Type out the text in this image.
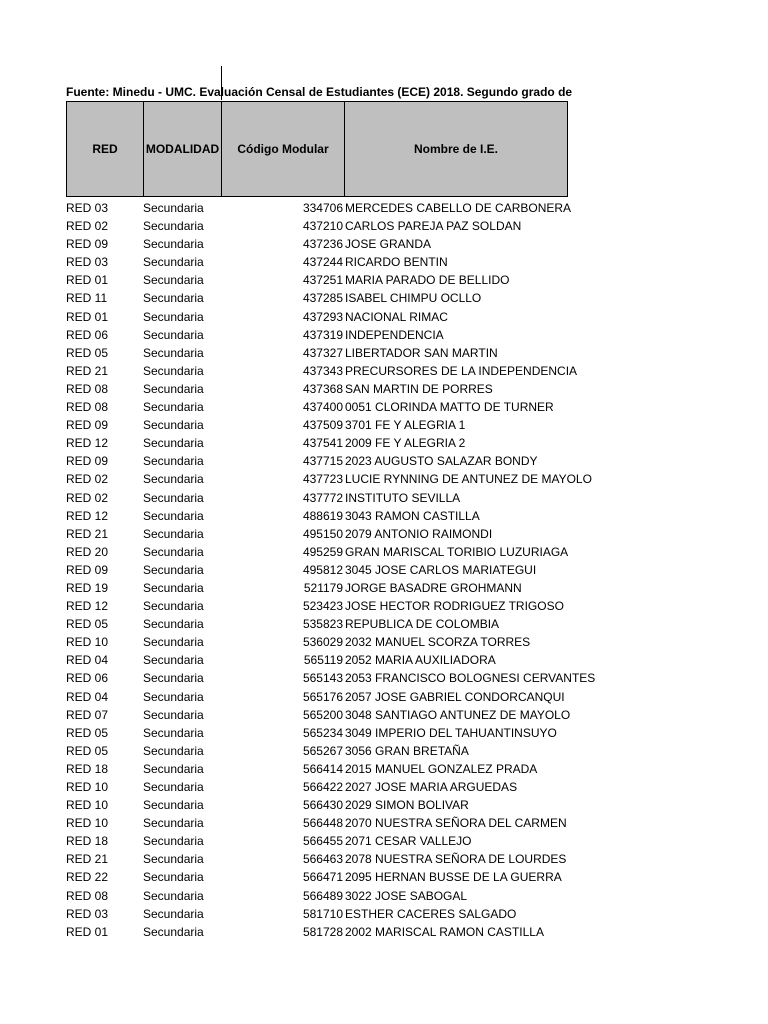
Fuente: Minedu - UMC. Evaluación Censal de Estudiantes (ECE) 2018. Segundo grado de
RED	MODALIDAD	Código Modular	Nombre de I.E.
RED 03	Secundaria	334706 MERCEDES CABELLO DE CARBONERA
RED 02	Secundaria	437210 CARLOS PAREJA PAZ SOLDAN
RED 09	Secundaria	437236 JOSE GRANDA
RED 03	Secundaria	437244 RICARDO BENTIN
RED 01	Secundaria	437251 MARIA PARADO DE BELLIDO
RED 11	Secundaria	437285 ISABEL CHIMPU OCLLO
RED 01	Secundaria	437293 NACIONAL RIMAC
RED 06	Secundaria	437319 INDEPENDENCIA
RED 05	Secundaria	437327 LIBERTADOR SAN MARTIN
RED 21	Secundaria	437343 PRECURSORES DE LA INDEPENDENCIA
RED 08	Secundaria	437368 SAN MARTIN DE PORRES
RED 08	Secundaria	437400 0051 CLORINDA MATTO DE TURNER
RED 09	Secundaria	437509 3701 FE Y ALEGRIA 1
RED 12	Secundaria	437541 2009 FE Y ALEGRIA 2
RED 09	Secundaria	437715 2023 AUGUSTO SALAZAR BONDY
RED 02	Secundaria	437723 LUCIE RYNNING DE ANTUNEZ DE MAYOLO
RED 02	Secundaria	437772 INSTITUTO SEVILLA
RED 12	Secundaria	488619 3043 RAMON CASTILLA
RED 21	Secundaria	495150 2079 ANTONIO RAIMONDI
RED 20	Secundaria	495259 GRAN MARISCAL TORIBIO LUZURIAGA
RED 09	Secundaria	495812 3045 JOSE CARLOS MARIATEGUI
RED 19	Secundaria	521179 JORGE BASADRE GROHMANN
RED 12	Secundaria	523423 JOSE HECTOR RODRIGUEZ TRIGOSO
RED 05	Secundaria	535823 REPUBLICA DE COLOMBIA
RED 10	Secundaria	536029 2032 MANUEL SCORZA TORRES
RED 04	Secundaria	565119 2052 MARIA AUXILIADORA
RED 06	Secundaria	565143 2053 FRANCISCO BOLOGNESI CERVANTES
RED 04	Secundaria	565176 2057 JOSE GABRIEL CONDORCANQUI
RED 07	Secundaria	565200 3048 SANTIAGO ANTUNEZ DE MAYOLO
RED 05	Secundaria	565234 3049 IMPERIO DEL TAHUANTINSUYO
RED 05	Secundaria	565267 3056 GRAN BRETAÑA
RED 18	Secundaria	566414 2015 MANUEL GONZALEZ PRADA
RED 10	Secundaria	566422 2027 JOSE MARIA ARGUEDAS
RED 10	Secundaria	566430 2029 SIMON BOLIVAR
RED 10	Secundaria	566448 2070 NUESTRA SEÑORA DEL CARMEN
RED 18	Secundaria	566455 2071 CESAR VALLEJO
RED 21	Secundaria	566463 2078 NUESTRA SEÑORA DE LOURDES
RED 22	Secundaria	566471 2095 HERNAN BUSSE DE LA GUERRA
RED 08	Secundaria	566489 3022 JOSE SABOGAL
RED 03	Secundaria	581710 ESTHER CACERES SALGADO
RED 01	Secundaria	581728 2002 MARISCAL RAMON CASTILLA
